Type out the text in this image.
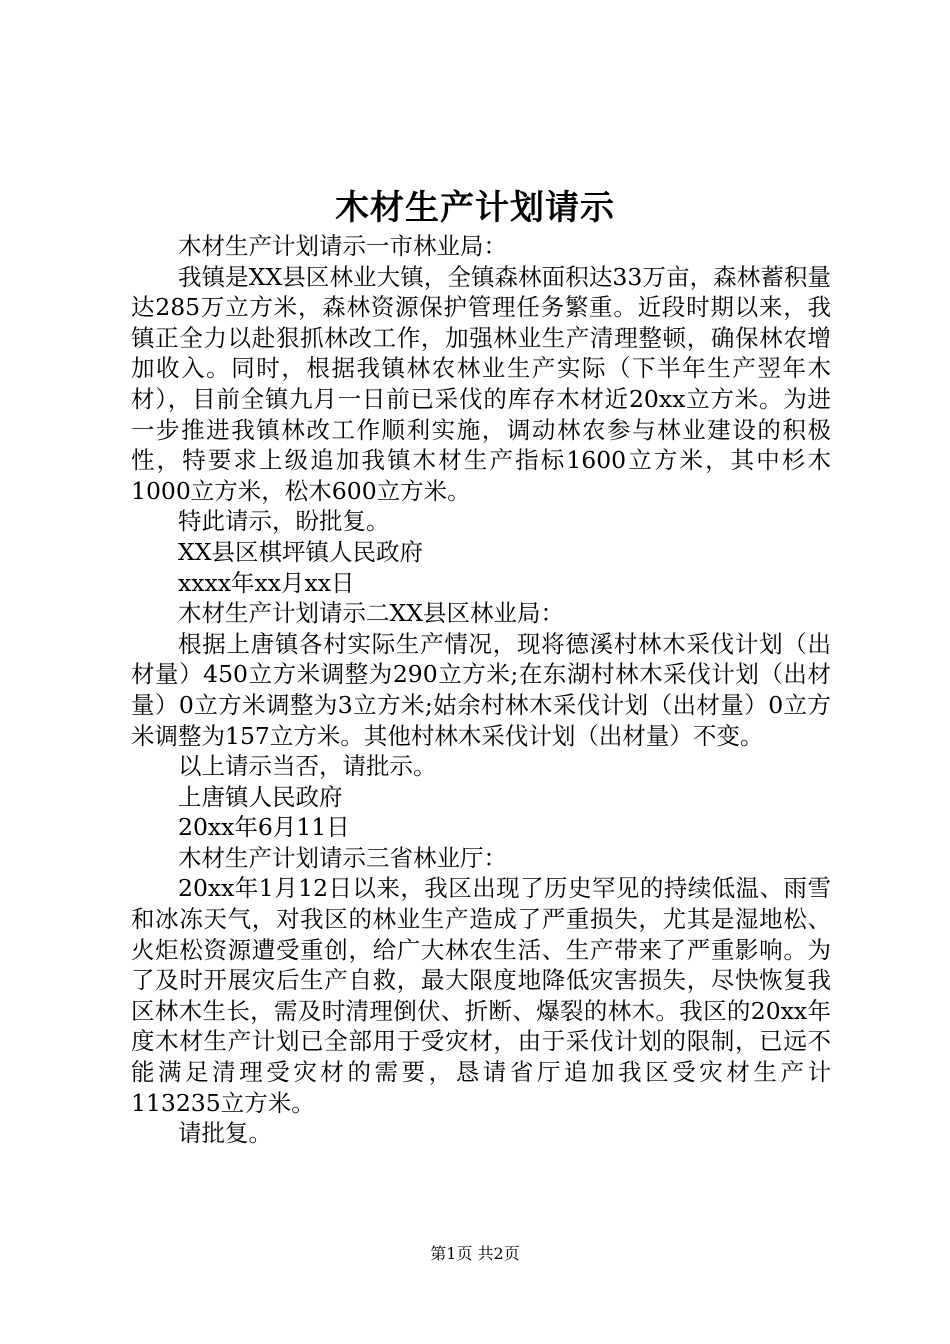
木材生产计划请示

木材生产计划请示一市林业局：

我镇是XX县区林业大镇，全镇森林面积达33万亩，森林蓄积量达285万立方米，森林资源保护管理任务繁重。近段时期以来，我镇正全力以赴狠抓林改工作，加强林业生产清理整顿，确保林农增加收入。同时，根据我镇林农林业生产实际（下半年生产翌年木材），目前全镇九月一日前已采伐的库存木材近20xx立方米。为进一步推进我镇林改工作顺利实施，调动林农参与林业建设的积极性，特要求上级追加我镇木材生产指标1600立方米，其中杉木1000立方米，松木600立方米。

特此请示，盼批复。

XX县区棋坪镇人民政府

xxxx年xx月xx日

木材生产计划请示二XX县区林业局：

根据上唐镇各村实际生产情况，现将德溪村林木采伐计划（出材量）450立方米调整为290立方米;在东湖村林木采伐计划（出材量）0立方米调整为3立方米;姑余村林木采伐计划（出材量）0立方米调整为157立方米。其他村林木采伐计划（出材量）不变。

以上请示当否，请批示。

上唐镇人民政府

20xx年6月11日

木材生产计划请示三省林业厅：

20xx年1月12日以来，我区出现了历史罕见的持续低温、雨雪和冰冻天气，对我区的林业生产造成了严重损失，尤其是湿地松、火炬松资源遭受重创，给广大林农生活、生产带来了严重影响。为了及时开展灾后生产自救，最大限度地降低灾害损失，尽快恢复我区林木生长，需及时清理倒伏、折断、爆裂的林木。我区的20xx年度木材生产计划已全部用于受灾材，由于采伐计划的限制，已远不能满足清理受灾材的需要，恳请省厅追加我区受灾材生产计113235立方米。

请批复。

第1页 共2页
